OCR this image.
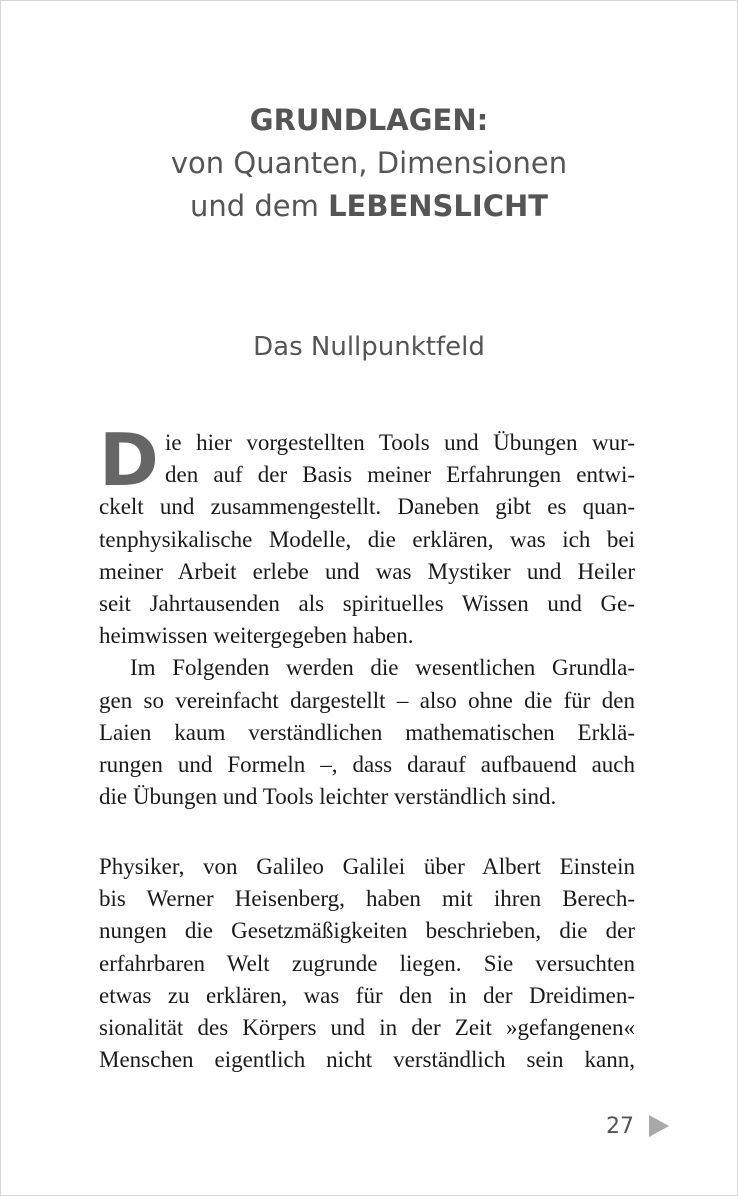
GRUNDLAGEN:
von Quanten, Dimensionen
und dem LEBENSLICHT
Das Nullpunktfeld
D ie hier vorgestellten Tools und Übungen wur-
den auf der Basis meiner Erfahrungen entwi-
ckelt und zusammengestellt. Daneben gibt es quan-
tenphysikalische Modelle, die erklären, was ich bei
meiner Arbeit erlebe und was Mystiker und Heiler
seit Jahrtausenden als spirituelles Wissen und Ge-
heimwissen weitergegeben haben.
Im Folgenden werden die wesentlichen Grundla-
gen so vereinfacht dargestellt – also ohne die für den
Laien kaum verständlichen mathematischen Erklä-
rungen und Formeln –, dass darauf aufbauend auch
die Übungen und Tools leichter verständlich sind.
Physiker, von Galileo Galilei über Albert Einstein
bis Werner Heisenberg, haben mit ihren Berech-
nungen die Gesetzmäßigkeiten beschrieben, die der
erfahrbaren Welt zugrunde liegen. Sie versuchten
etwas zu erklären, was für den in der Dreidimen-
sionalität des Körpers und in der Zeit »gefangenen«
Menschen eigentlich nicht verständlich sein kann,
27
